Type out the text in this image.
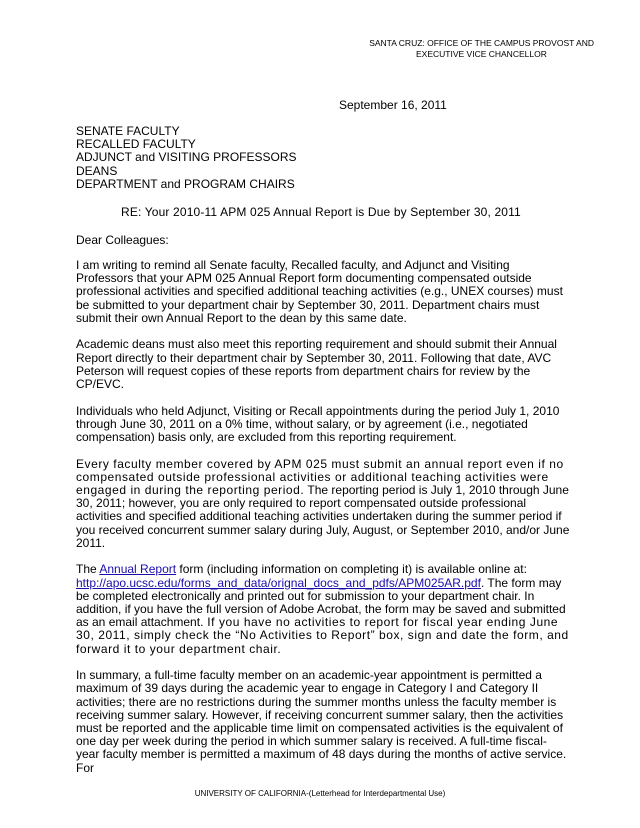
SANTA CRUZ: OFFICE OF THE CAMPUS PROVOST AND
EXECUTIVE VICE CHANCELLOR
September 16, 2011
SENATE FACULTY
RECALLED FACULTY
ADJUNCT and VISITING PROFESSORS
DEANS
DEPARTMENT and PROGRAM CHAIRS
RE: Your 2010-11 APM 025 Annual Report is Due by September 30, 2011
Dear Colleagues:

I am writing to remind all Senate faculty, Recalled faculty, and Adjunct and Visiting Professors that your APM 025 Annual Report form documenting compensated outside professional activities and specified additional teaching activities (e.g., UNEX courses) must be submitted to your department chair by September 30, 2011. Department chairs must submit their own Annual Report to the dean by this same date.

Academic deans must also meet this reporting requirement and should submit their Annual Report directly to their department chair by September 30, 2011. Following that date, AVC Peterson will request copies of these reports from department chairs for review by the CP/EVC.

Individuals who held Adjunct, Visiting or Recall appointments during the period July 1, 2010 through June 30, 2011 on a 0% time, without salary, or by agreement (i.e., negotiated compensation) basis only, are excluded from this reporting requirement.

Every faculty member covered by APM 025 must submit an annual report even if no compensated outside professional activities or additional teaching activities were engaged in during the reporting period. The reporting period is July 1, 2010 through June 30, 2011; however, you are only required to report compensated outside professional activities and specified additional teaching activities undertaken during the summer period if you received concurrent summer salary during July, August, or September 2010, and/or June 2011.

The Annual Report form (including information on completing it) is available online at: http://apo.ucsc.edu/forms_and_data/orignal_docs_and_pdfs/APM025AR.pdf. The form may be completed electronically and printed out for submission to your department chair. In addition, if you have the full version of Adobe Acrobat, the form may be saved and submitted as an email attachment. If you have no activities to report for fiscal year ending June 30, 2011, simply check the “No Activities to Report” box, sign and date the form, and forward it to your department chair.

In summary, a full-time faculty member on an academic-year appointment is permitted a maximum of 39 days during the academic year to engage in Category I and Category II activities; there are no restrictions during the summer months unless the faculty member is receiving summer salary. However, if receiving concurrent summer salary, then the activities must be reported and the applicable time limit on compensated activities is the equivalent of one day per week during the period in which summer salary is received. A full-time fiscal-year faculty member is permitted a maximum of 48 days during the months of active service. For

UNIVERSITY OF CALIFORNIA-(Letterhead for Interdepartmental Use)
